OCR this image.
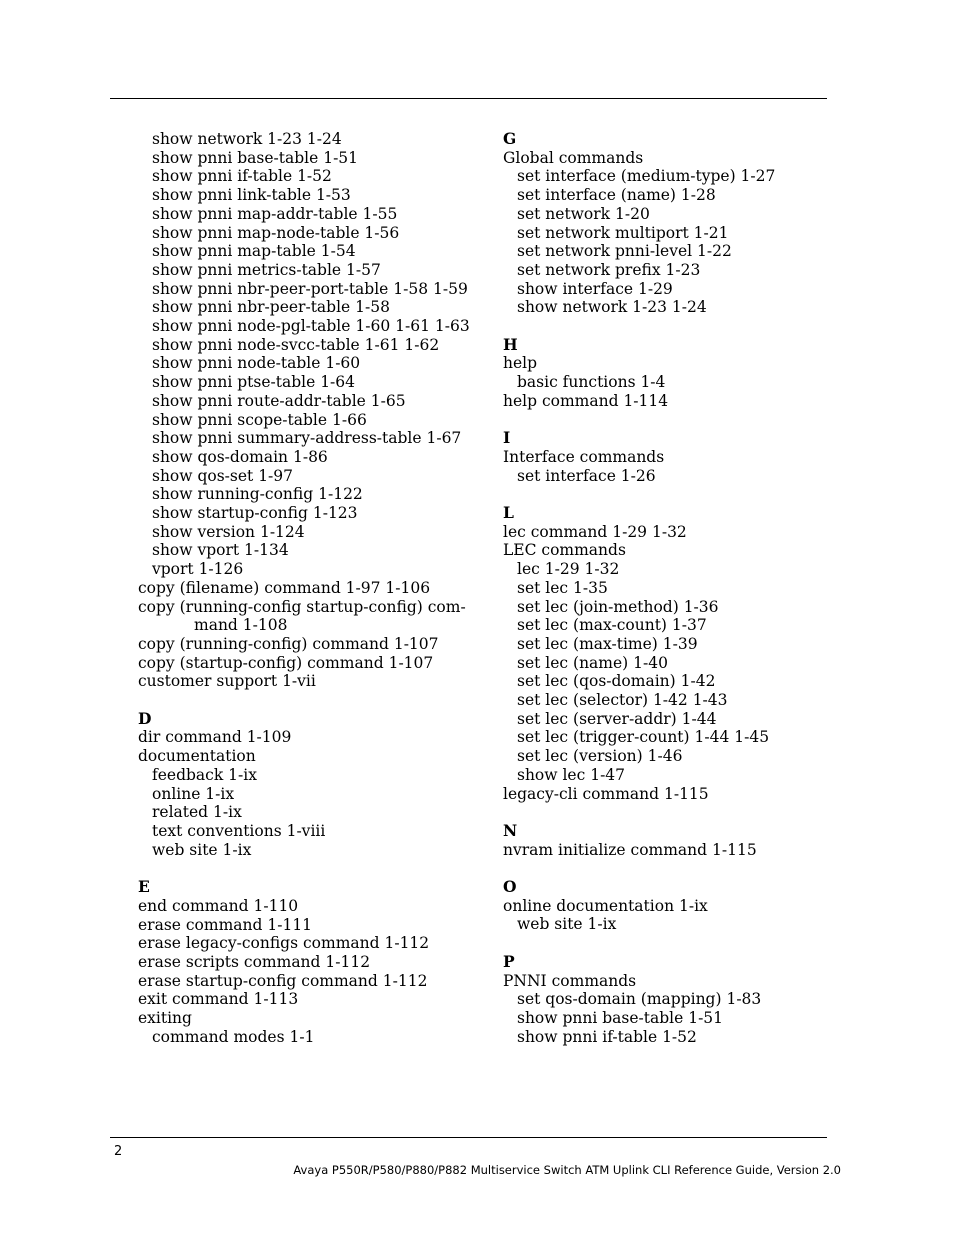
show network 1-23 1-24
show pnni base-table 1-51
show pnni if-table 1-52
show pnni link-table 1-53
show pnni map-addr-table 1-55
show pnni map-node-table 1-56
show pnni map-table 1-54
show pnni metrics-table 1-57
show pnni nbr-peer-port-table 1-58 1-59
show pnni nbr-peer-table 1-58
show pnni node-pgl-table 1-60 1-61 1-63
show pnni node-svcc-table 1-61 1-62
show pnni node-table 1-60
show pnni ptse-table 1-64
show pnni route-addr-table 1-65
show pnni scope-table 1-66
show pnni summary-address-table 1-67
show qos-domain 1-86
show qos-set 1-97
show running-config 1-122
show startup-config 1-123
show version 1-124
show vport 1-134
vport 1-126
copy (filename) command 1-97 1-106
copy (running-config startup-config) com-
mand 1-108
copy (running-config) command 1-107
copy (startup-config) command 1-107
customer support 1-vii
D
dir command 1-109
documentation
feedback 1-ix
online 1-ix
related 1-ix
text conventions 1-viii
web site 1-ix
E
end command 1-110
erase command 1-111
erase legacy-configs command 1-112
erase scripts command 1-112
erase startup-config command 1-112
exit command 1-113
exiting
command modes 1-1
G
Global commands
set interface (medium-type) 1-27
set interface (name) 1-28
set network 1-20
set network multiport 1-21
set network pnni-level 1-22
set network prefix 1-23
show interface 1-29
show network 1-23 1-24
H
help
basic functions 1-4
help command 1-114
I
Interface commands
set interface 1-26
L
lec command 1-29 1-32
LEC commands
lec 1-29 1-32
set lec 1-35
set lec (join-method) 1-36
set lec (max-count) 1-37
set lec (max-time) 1-39
set lec (name) 1-40
set lec (qos-domain) 1-42
set lec (selector) 1-42 1-43
set lec (server-addr) 1-44
set lec (trigger-count) 1-44 1-45
set lec (version) 1-46
show lec 1-47
legacy-cli command 1-115
N
nvram initialize command 1-115
O
online documentation 1-ix
web site 1-ix
P
PNNI commands
set qos-domain (mapping) 1-83
show pnni base-table 1-51
show pnni if-table 1-52
2
Avaya P550R/P580/P880/P882 Multiservice Switch ATM Uplink CLI Reference Guide, Version 2.0
